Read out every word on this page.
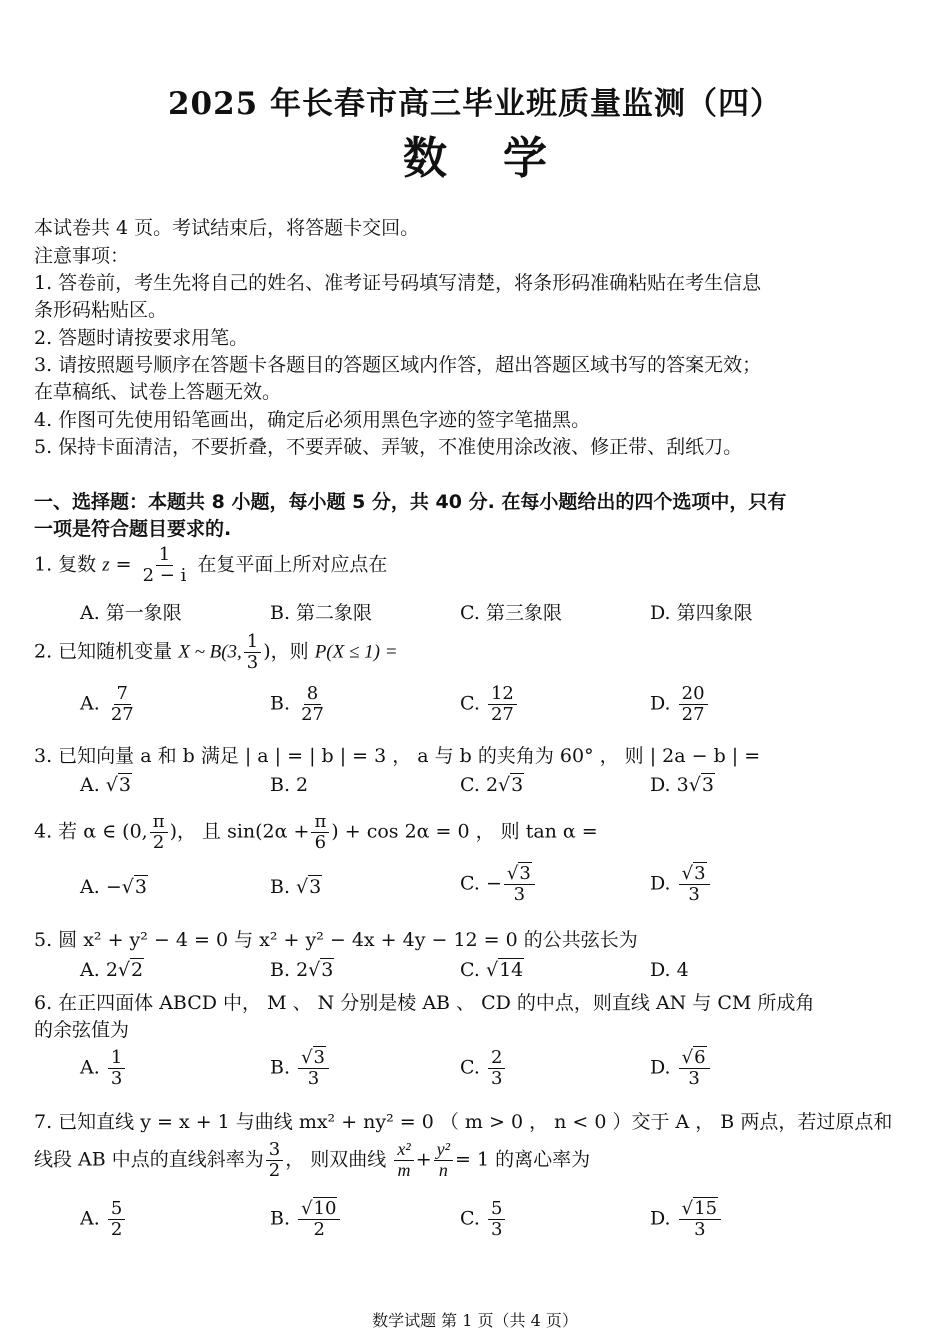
2025 年长春市高三毕业班质量监测（四）
数 学
本试卷共 4 页。考试结束后，将答题卡交回。
注意事项：
1. 答卷前，考生先将自己的姓名、准考证号码填写清楚，将条形码准确粘贴在考生信息
条形码粘贴区。
2. 答题时请按要求用笔。
3. 请按照题号顺序在答题卡各题目的答题区域内作答，超出答题区域书写的答案无效；
在草稿纸、试卷上答题无效。
4. 作图可先使用铅笔画出，确定后必须用黑色字迹的签字笔描黑。
5. 保持卡面清洁，不要折叠，不要弄破、弄皱，不准使用涂改液、修正带、刮纸刀。
一、选择题：本题共 8 小题，每小题 5 分，共 40 分. 在每小题给出的四个选项中，只有
一项是符合题目要求的.
1. 复数 $z = \frac{1}{2 - i}$ 在复平面上所对应点在
A. 第一象限	B. 第二象限	C. 第三象限	D. 第四象限
2. 已知随机变量 X ~ B(3, $\frac{1}{3}$ )，则 P(X ≤ 1) =
A. $\frac{7}{27}$	B. $\frac{8}{27}$	C. $\frac{12}{27}$	D. $\frac{20}{27}$
3. 已知向量 a 和 b 满足 | a | = | b | = 3 ， a 与 b 的夹角为 60° ， 则 | 2a − b | =
A. √3	B. 2	C. 2√3	D. 3√3
4. 若 α ∈ (0, $\frac{\pi}{2}$ )， 且 $\sin(2\alpha + \frac{\pi}{6}$ ) + cos 2α = 0 ， 则 tan α =
A. −√3	B. √3	C. − $\frac{√3}{3}$	D. $\frac{√3}{3}$
5. 圆 x² + y² − 4 = 0 与 x² + y² − 4x + 4y − 12 = 0 的公共弦长为
A. 2√2	B. 2√3	C. √14	D. 4
6. 在正四面体 ABCD 中， M 、 N 分别是棱 AB 、 CD 的中点，则直线 AN 与 CM 所成角
的余弦值为
A. $\frac{1}{3}$	B. $\frac{√3}{3}$	C. $\frac{2}{3}$	D. $\frac{√6}{3}$
7. 已知直线 y = x + 1 与曲线 mx² + ny² = 0 （ m > 0 ， n < 0 ）交于 A ， B 两点，若过原点和
线段 AB 中点的直线斜率为 $\frac{3}{2}$ ， 则双曲线 $\frac{\text{x²}}{m} + \frac{\text{y²}}{n} = 1$ 的离心率为
A. $\frac{5}{2}$	B. $\frac{√10}{2}$	C. $\frac{5}{3}$	D. $\frac{√15}{3}$
数学试题 第 1 页（共 4 页）
